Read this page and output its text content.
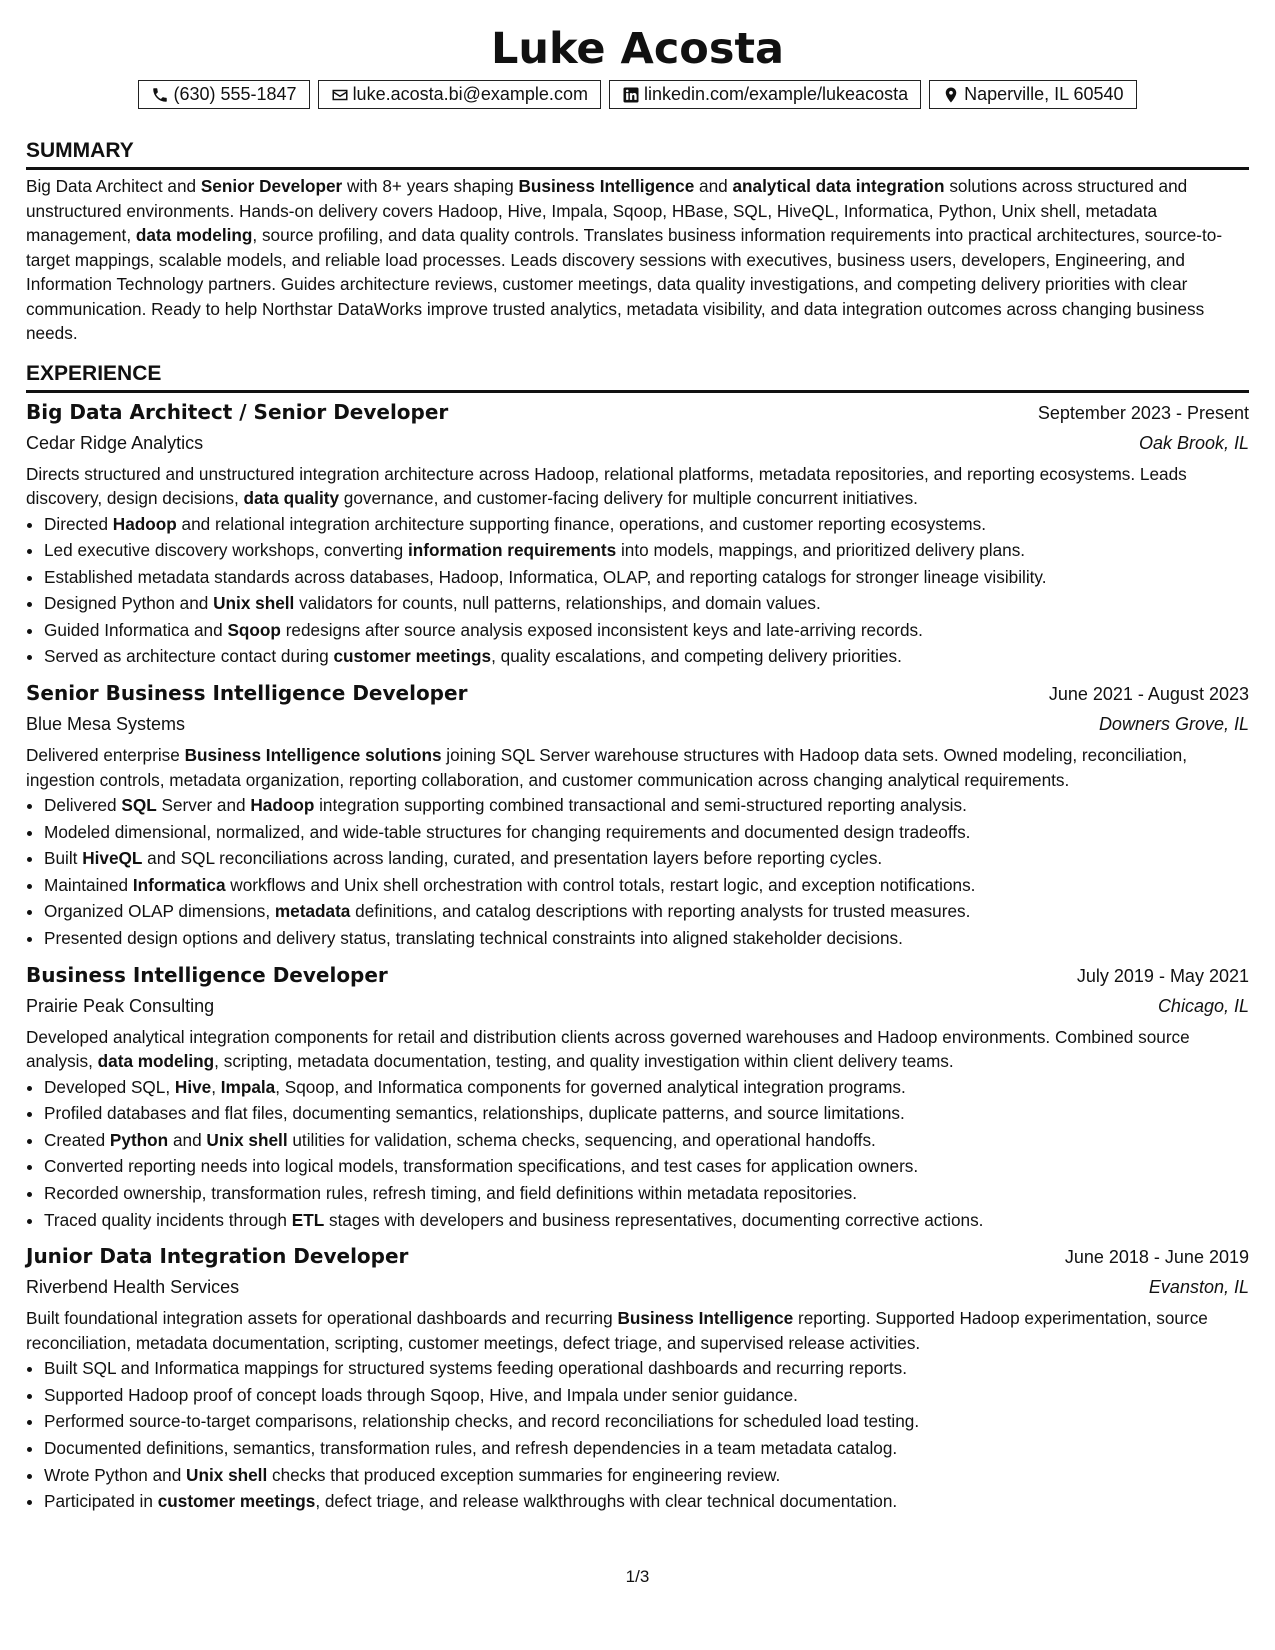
Luke Acosta
(630) 555-1847	luke.acosta.bi@example.com	linkedin.com/example/lukeacosta	Naperville, IL 60540
SUMMARY

Big Data Architect and Senior Developer with 8+ years shaping Business Intelligence and analytical data integration solutions across structured and unstructured environments. Hands-on delivery covers Hadoop, Hive, Impala, Sqoop, HBase, SQL, HiveQL, Informatica, Python, Unix shell, metadata management, data modeling, source profiling, and data quality controls. Translates business information requirements into practical architectures, source-to-target mappings, scalable models, and reliable load processes. Leads discovery sessions with executives, business users, developers, Engineering, and Information Technology partners. Guides architecture reviews, customer meetings, data quality investigations, and competing delivery priorities with clear communication. Ready to help Northstar DataWorks improve trusted analytics, metadata visibility, and data integration outcomes across changing business needs.

EXPERIENCE
Big Data Architect / Senior Developer	September 2023 - Present
Cedar Ridge Analytics	Oak Brook, IL

Directs structured and unstructured integration architecture across Hadoop, relational platforms, metadata repositories, and reporting ecosystems. Leads discovery, design decisions, data quality governance, and customer-facing delivery for multiple concurrent initiatives.

• Directed Hadoop and relational integration architecture supporting finance, operations, and customer reporting ecosystems.
• Led executive discovery workshops, converting information requirements into models, mappings, and prioritized delivery plans.
• Established metadata standards across databases, Hadoop, Informatica, OLAP, and reporting catalogs for stronger lineage visibility.
• Designed Python and Unix shell validators for counts, null patterns, relationships, and domain values.
• Guided Informatica and Sqoop redesigns after source analysis exposed inconsistent keys and late-arriving records.
• Served as architecture contact during customer meetings, quality escalations, and competing delivery priorities.
Senior Business Intelligence Developer	June 2021 - August 2023
Blue Mesa Systems	Downers Grove, IL

Delivered enterprise Business Intelligence solutions joining SQL Server warehouse structures with Hadoop data sets. Owned modeling, reconciliation, ingestion controls, metadata organization, reporting collaboration, and customer communication across changing analytical requirements.

• Delivered SQL Server and Hadoop integration supporting combined transactional and semi-structured reporting analysis.
• Modeled dimensional, normalized, and wide-table structures for changing requirements and documented design tradeoffs.
• Built HiveQL and SQL reconciliations across landing, curated, and presentation layers before reporting cycles.
• Maintained Informatica workflows and Unix shell orchestration with control totals, restart logic, and exception notifications.
• Organized OLAP dimensions, metadata definitions, and catalog descriptions with reporting analysts for trusted measures.
• Presented design options and delivery status, translating technical constraints into aligned stakeholder decisions.
Business Intelligence Developer	July 2019 - May 2021
Prairie Peak Consulting	Chicago, IL

Developed analytical integration components for retail and distribution clients across governed warehouses and Hadoop environments. Combined source analysis, data modeling, scripting, metadata documentation, testing, and quality investigation within client delivery teams.

• Developed SQL, Hive, Impala, Sqoop, and Informatica components for governed analytical integration programs.
• Profiled databases and flat files, documenting semantics, relationships, duplicate patterns, and source limitations.
• Created Python and Unix shell utilities for validation, schema checks, sequencing, and operational handoffs.
• Converted reporting needs into logical models, transformation specifications, and test cases for application owners.
• Recorded ownership, transformation rules, refresh timing, and field definitions within metadata repositories.
• Traced quality incidents through ETL stages with developers and business representatives, documenting corrective actions.
Junior Data Integration Developer	June 2018 - June 2019
Riverbend Health Services	Evanston, IL

Built foundational integration assets for operational dashboards and recurring Business Intelligence reporting. Supported Hadoop experimentation, source reconciliation, metadata documentation, scripting, customer meetings, defect triage, and supervised release activities.

• Built SQL and Informatica mappings for structured systems feeding operational dashboards and recurring reports.
• Supported Hadoop proof of concept loads through Sqoop, Hive, and Impala under senior guidance.
• Performed source-to-target comparisons, relationship checks, and record reconciliations for scheduled load testing.
• Documented definitions, semantics, transformation rules, and refresh dependencies in a team metadata catalog.
• Wrote Python and Unix shell checks that produced exception summaries for engineering review.
• Participated in customer meetings, defect triage, and release walkthroughs with clear technical documentation.
1/3
